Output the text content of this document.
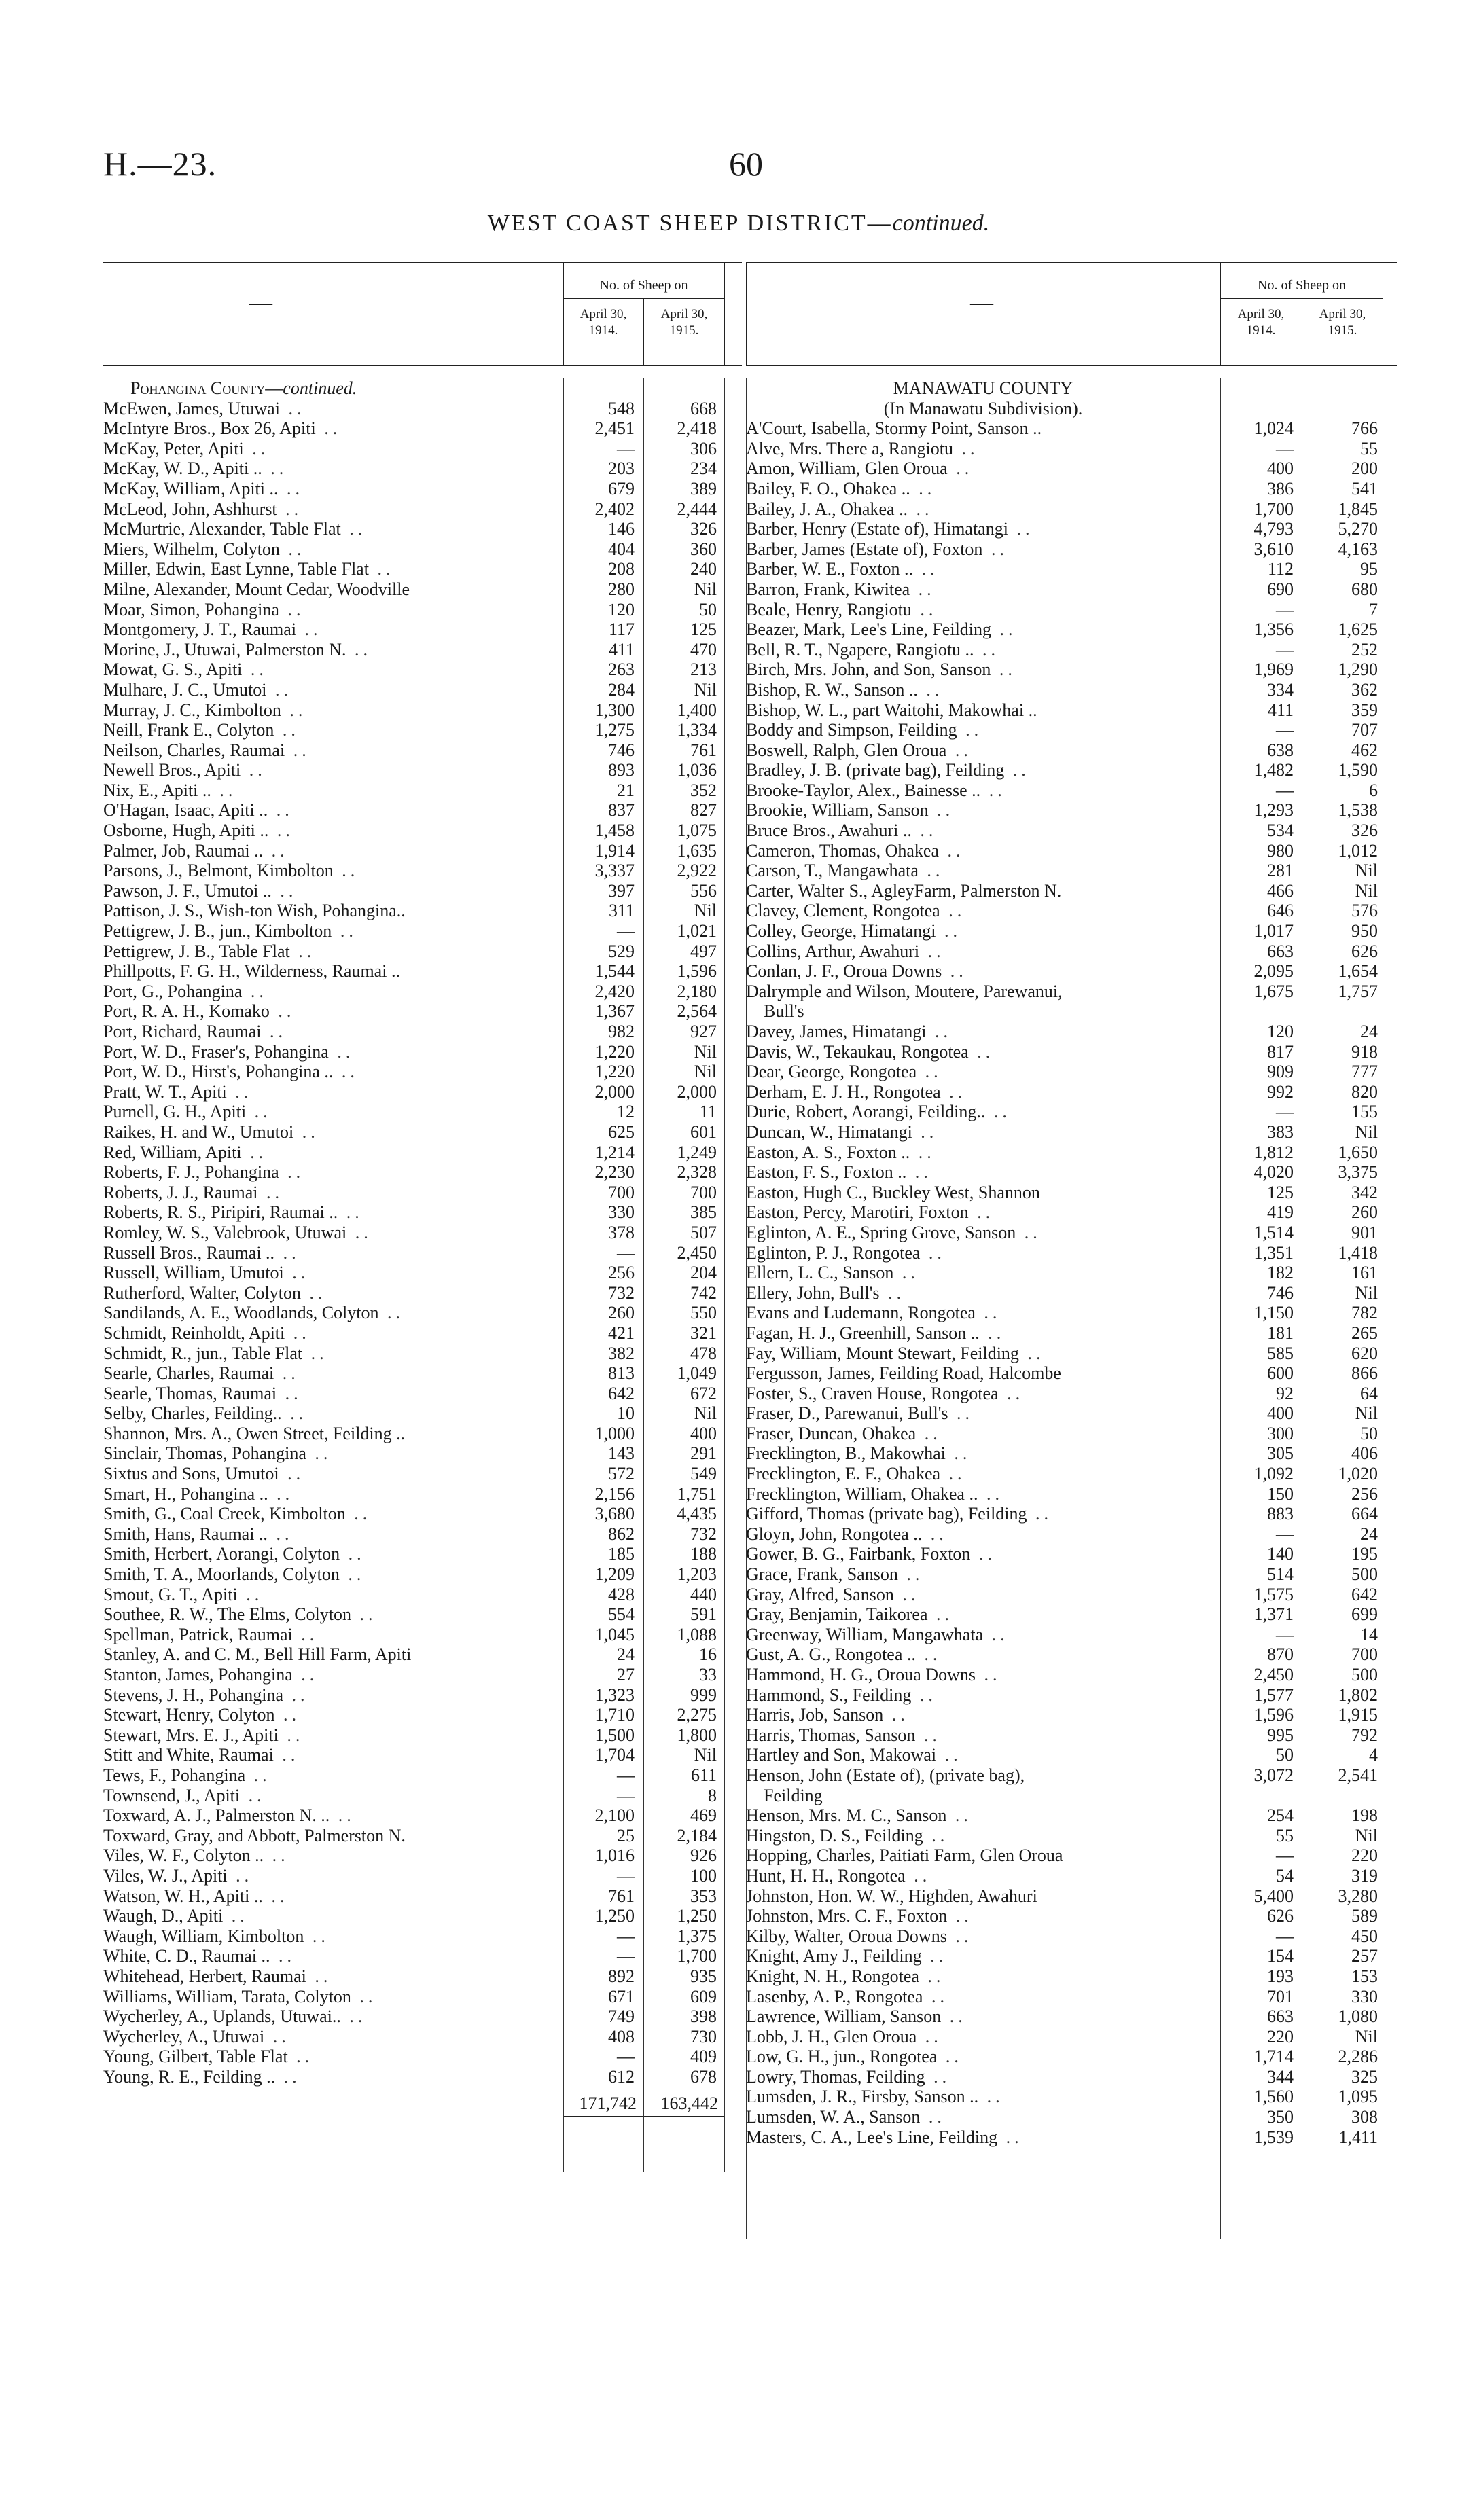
H.—23.	60
WEST COAST SHEEP DISTRICT—continued.
—
No. of Sheep on
April 30,
1914.
April 30,
1915.
Pohangina County—continued.
McEwen, James, Utuwai ..	548	668
McIntyre Bros., Box 26, Apiti ..	2,451	2,418
McKay, Peter, Apiti ..	—	306
McKay, W. D., Apiti .. ..	203	234
McKay, William, Apiti .. ..	679	389
McLeod, John, Ashhurst ..	2,402	2,444
McMurtrie, Alexander, Table Flat ..	146	326
Miers, Wilhelm, Colyton ..	404	360
Miller, Edwin, East Lynne, Table Flat ..	208	240
Milne, Alexander, Mount Cedar, Woodville	280	Nil
Moar, Simon, Pohangina ..	120	50
Montgomery, J. T., Raumai ..	117	125
Morine, J., Utuwai, Palmerston N. ..	411	470
Mowat, G. S., Apiti ..	263	213
Mulhare, J. C., Umutoi ..	284	Nil
Murray, J. C., Kimbolton ..	1,300	1,400
Neill, Frank E., Colyton ..	1,275	1,334
Neilson, Charles, Raumai ..	746	761
Newell Bros., Apiti ..	893	1,036
Nix, E., Apiti .. ..	21	352
O'Hagan, Isaac, Apiti .. ..	837	827
Osborne, Hugh, Apiti .. ..	1,458	1,075
Palmer, Job, Raumai .. ..	1,914	1,635
Parsons, J., Belmont, Kimbolton ..	3,337	2,922
Pawson, J. F., Umutoi .. ..	397	556
Pattison, J. S., Wish-ton Wish, Pohangina..	311	Nil
Pettigrew, J. B., jun., Kimbolton ..	—	1,021
Pettigrew, J. B., Table Flat ..	529	497
Phillpotts, F. G. H., Wilderness, Raumai ..	1,544	1,596
Port, G., Pohangina ..	2,420	2,180
Port, R. A. H., Komako ..	1,367	2,564
Port, Richard, Raumai ..	982	927
Port, W. D., Fraser's, Pohangina ..	1,220	Nil
Port, W. D., Hirst's, Pohangina .. ..	1,220	Nil
Pratt, W. T., Apiti ..	2,000	2,000
Purnell, G. H., Apiti ..	12	11
Raikes, H. and W., Umutoi ..	625	601
Red, William, Apiti ..	1,214	1,249
Roberts, F. J., Pohangina ..	2,230	2,328
Roberts, J. J., Raumai ..	700	700
Roberts, R. S., Piripiri, Raumai .. ..	330	385
Romley, W. S., Valebrook, Utuwai ..	378	507
Russell Bros., Raumai .. ..	—	2,450
Russell, William, Umutoi ..	256	204
Rutherford, Walter, Colyton ..	732	742
Sandilands, A. E., Woodlands, Colyton ..	260	550
Schmidt, Reinholdt, Apiti ..	421	321
Schmidt, R., jun., Table Flat ..	382	478
Searle, Charles, Raumai ..	813	1,049
Searle, Thomas, Raumai ..	642	672
Selby, Charles, Feilding.. ..	10	Nil
Shannon, Mrs. A., Owen Street, Feilding ..	1,000	400
Sinclair, Thomas, Pohangina ..	143	291
Sixtus and Sons, Umutoi ..	572	549
Smart, H., Pohangina .. ..	2,156	1,751
Smith, G., Coal Creek, Kimbolton ..	3,680	4,435
Smith, Hans, Raumai .. ..	862	732
Smith, Herbert, Aorangi, Colyton ..	185	188
Smith, T. A., Moorlands, Colyton ..	1,209	1,203
Smout, G. T., Apiti ..	428	440
Southee, R. W., The Elms, Colyton ..	554	591
Spellman, Patrick, Raumai ..	1,045	1,088
Stanley, A. and C. M., Bell Hill Farm, Apiti	24	16
Stanton, James, Pohangina ..	27	33
Stevens, J. H., Pohangina ..	1,323	999
Stewart, Henry, Colyton ..	1,710	2,275
Stewart, Mrs. E. J., Apiti ..	1,500	1,800
Stitt and White, Raumai ..	1,704	Nil
Tews, F., Pohangina ..	—	611
Townsend, J., Apiti ..	—	8
Toxward, A. J., Palmerston N. .. ..	2,100	469
Toxward, Gray, and Abbott, Palmerston N.	25	2,184
Viles, W. F., Colyton .. ..	1,016	926
Viles, W. J., Apiti ..	—	100
Watson, W. H., Apiti .. ..	761	353
Waugh, D., Apiti ..	1,250	1,250
Waugh, William, Kimbolton ..	—	1,375
White, C. D., Raumai .. ..	—	1,700
Whitehead, Herbert, Raumai ..	892	935
Williams, William, Tarata, Colyton ..	671	609
Wycherley, A., Uplands, Utuwai.. ..	749	398
Wycherley, A., Utuwai ..	408	730
Young, Gilbert, Table Flat ..	—	409
Young, R. E., Feilding .. ..	612	678
171,742	163,442
—
No. of Sheep on
April 30,
1914.
April 30,
1915.
MANAWATU COUNTY
(In Manawatu Subdivision).
A'Court, Isabella, Stormy Point, Sanson ..	1,024	766
Alve, Mrs. There a, Rangiotu ..	—	55
Amon, William, Glen Oroua ..	400	200
Bailey, F. O., Ohakea .. ..	386	541
Bailey, J. A., Ohakea .. ..	1,700	1,845
Barber, Henry (Estate of), Himatangi ..	4,793	5,270
Barber, James (Estate of), Foxton ..	3,610	4,163
Barber, W. E., Foxton .. ..	112	95
Barron, Frank, Kiwitea ..	690	680
Beale, Henry, Rangiotu ..	—	7
Beazer, Mark, Lee's Line, Feilding ..	1,356	1,625
Bell, R. T., Ngapere, Rangiotu .. ..	—	252
Birch, Mrs. John, and Son, Sanson ..	1,969	1,290
Bishop, R. W., Sanson .. ..	334	362
Bishop, W. L., part Waitohi, Makowhai ..	411	359
Boddy and Simpson, Feilding ..	—	707
Boswell, Ralph, Glen Oroua ..	638	462
Bradley, J. B. (private bag), Feilding ..	1,482	1,590
Brooke-Taylor, Alex., Bainesse .. ..	—	6
Brookie, William, Sanson ..	1,293	1,538
Bruce Bros., Awahuri .. ..	534	326
Cameron, Thomas, Ohakea ..	980	1,012
Carson, T., Mangawhata ..	281	Nil
Carter, Walter S., AgleyFarm, Palmerston N.	466	Nil
Clavey, Clement, Rongotea ..	646	576
Colley, George, Himatangi ..	1,017	950
Collins, Arthur, Awahuri ..	663	626
Conlan, J. F., Oroua Downs ..	2,095	1,654
Dalrymple and Wilson, Moutere, Parewanui,	1,675	1,757
Bull's
Davey, James, Himatangi ..	120	24
Davis, W., Tekaukau, Rongotea ..	817	918
Dear, George, Rongotea ..	909	777
Derham, E. J. H., Rongotea ..	992	820
Durie, Robert, Aorangi, Feilding.. ..	—	155
Duncan, W., Himatangi ..	383	Nil
Easton, A. S., Foxton .. ..	1,812	1,650
Easton, F. S., Foxton .. ..	4,020	3,375
Easton, Hugh C., Buckley West, Shannon	125	342
Easton, Percy, Marotiri, Foxton ..	419	260
Eglinton, A. E., Spring Grove, Sanson ..	1,514	901
Eglinton, P. J., Rongotea ..	1,351	1,418
Ellern, L. C., Sanson ..	182	161
Ellery, John, Bull's ..	746	Nil
Evans and Ludemann, Rongotea ..	1,150	782
Fagan, H. J., Greenhill, Sanson .. ..	181	265
Fay, William, Mount Stewart, Feilding ..	585	620
Fergusson, James, Feilding Road, Halcombe	600	866
Foster, S., Craven House, Rongotea ..	92	64
Fraser, D., Parewanui, Bull's ..	400	Nil
Fraser, Duncan, Ohakea ..	300	50
Frecklington, B., Makowhai ..	305	406
Frecklington, E. F., Ohakea ..	1,092	1,020
Frecklington, William, Ohakea .. ..	150	256
Gifford, Thomas (private bag), Feilding ..	883	664
Gloyn, John, Rongotea .. ..	—	24
Gower, B. G., Fairbank, Foxton ..	140	195
Grace, Frank, Sanson ..	514	500
Gray, Alfred, Sanson ..	1,575	642
Gray, Benjamin, Taikorea ..	1,371	699
Greenway, William, Mangawhata ..	—	14
Gust, A. G., Rongotea .. ..	870	700
Hammond, H. G., Oroua Downs ..	2,450	500
Hammond, S., Feilding ..	1,577	1,802
Harris, Job, Sanson ..	1,596	1,915
Harris, Thomas, Sanson ..	995	792
Hartley and Son, Makowai ..	50	4
Henson, John (Estate of), (private bag),	3,072	2,541
Feilding
Henson, Mrs. M. C., Sanson ..	254	198
Hingston, D. S., Feilding ..	55	Nil
Hopping, Charles, Paitiati Farm, Glen Oroua	—	220
Hunt, H. H., Rongotea ..	54	319
Johnston, Hon. W. W., Highden, Awahuri	5,400	3,280
Johnston, Mrs. C. F., Foxton ..	626	589
Kilby, Walter, Oroua Downs ..	—	450
Knight, Amy J., Feilding ..	154	257
Knight, N. H., Rongotea ..	193	153
Lasenby, A. P., Rongotea ..	701	330
Lawrence, William, Sanson ..	663	1,080
Lobb, J. H., Glen Oroua ..	220	Nil
Low, G. H., jun., Rongotea ..	1,714	2,286
Lowry, Thomas, Feilding ..	344	325
Lumsden, J. R., Firsby, Sanson .. ..	1,560	1,095
Lumsden, W. A., Sanson ..	350	308
Masters, C. A., Lee's Line, Feilding ..	1,539	1,411
